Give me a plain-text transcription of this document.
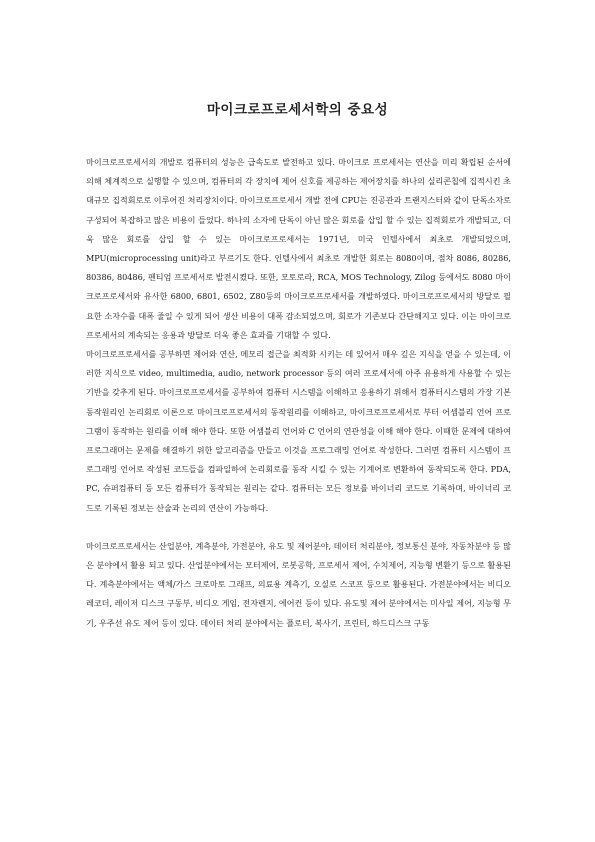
마이크로프로세서학의 중요성

마이크로프로세서의 개발로 컴퓨터의 성능은 급속도로 발전하고 있다. 마이크로 프로세서는 연산을 미리 확립된 순서에 의해 체계적으로 실행할 수 있으며, 컴퓨터의 각 장치에 제어 신호를 제공하는 제어장치를 하나의 실리콘칩에 집적시킨 초대규모 집적회로로 이루어진 처리장치이다. 마이크로프로세서 개발 전에 CPU는 진공관과 트랜지스터와 같이 단독소자로 구성되어 복잡하고 많은 비용이 들었다. 하나의 소자에 단독이 아닌 많은 회로를 삽입 할 수 있는 집적회로가 개발되고, 더욱 많은 회로를 삽입 할 수 있는 마이크로프로세서는 1971년, 미국 인텔사에서 최초로 개발되었으며, MPU(microprocessing unit)라고 부르기도 한다. 인텔사에서 최초로 개발한 회로는 8080이며, 점차 8086, 80286, 80386, 80486, 펜티엄 프로세서로 발전시켰다. 또한, 모토로라, RCA, MOS Technology, Zilog 등에서도 8080 마이크로프로세서와 유사한 6800, 6801, 6502, Z80등의 마이크로프로세서를 개발하였다. 마이크로프로세서의 방달로 필요한 소자수를 대폭 줄일 수 있게 되어 생산 비용이 대폭 감소되었으며, 회로가 기존보다 간단해지고 있다. 이는 마이크로프로세서의 계속되는 응용과 방달로 더욱 좋은 효과를 기대할 수 있다.

마이크로프로세서를 공부하면 제어와 연산, 메모리 접근을 최적화 시키는 데 있어서 매우 깊은 지식을 얻을 수 있는데, 이러한 지식으로 video, multimedia, audio, network processor 등의 여러 프로세서에 아주 유용하게 사용할 수 있는 기반을 갖추게 된다. 마이크로프로세서를 공부하여 컴퓨터 시스템을 이해하고 응용하기 위해서 컴퓨터시스템의 가장 기본 동작원리인 논리회로 이론으로 마이크로프로세서의 동작원리를 이해하고, 마이크로프로세서로 부터 어셈블리 언어 프로그램이 동작하는 원리를 이해 해야 한다. 또한 어셈블리 언어와 C 언어의 연관성을 이해 해야 한다. 이때한 문제에 대하여 프로그래머는 문제를 해결하기 위한 알고리즘을 만들고 이것을 프로그래밍 언어로 작성한다. 그러면 컴퓨터 시스템이 프로그래밍 언어로 작성된 코드들을 컴파일하여 논리회로를 동작 시킬 수 있는 기계어로 변환하여 동작되도록 한다. PDA, PC, 슈퍼컴퓨터 등 모든 컴퓨터가 동작되는 원리는 같다. 컴퓨터는 모든 정보를 바이너리 코드로 기록하며, 바이너리 코드로 기록된 정보는 산술과 논리의 연산이 가능하다.

마이크로프로세서는 산업분야, 계측분야, 가전분야, 유도 및 제어분야, 데이터 처리분야, 정보통신 분야, 자동차분야 등 많은 분야에서 활용 되고 있다. 산업분야에서는 모터제어, 로봇공학, 프로세서 제어, 수치제어, 지능형 변환기 등으로 활용된다. 계측분야에서는 액체/가스 크로마토 그래프, 의료용 계측기, 오실로 스코프 등으로 활용된다. 가전분야에서는 비디오 레코더, 레이저 디스크 구동부, 비디오 게임, 전자렌지, 에어컨 등이 있다. 유도및 제어 분야에서는 미사일 제어, 지능형 무기, 우주선 유도 제어 등이 있다. 데이터 처리 분야에서는 플로터, 복사기, 프린터, 하드디스크 구동
